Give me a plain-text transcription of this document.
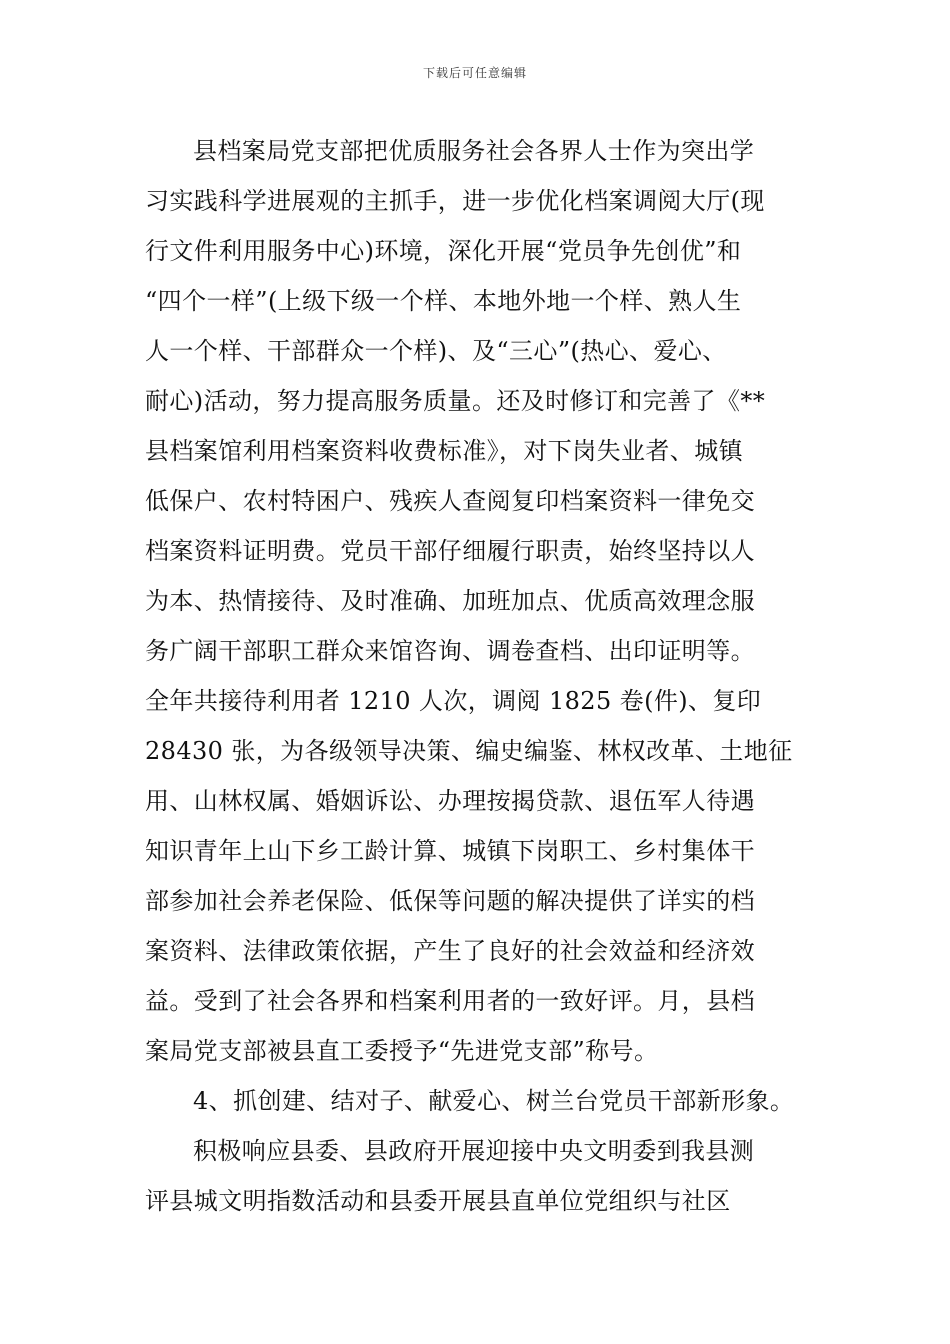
下载后可任意编辑
县档案局党支部把优质服务社会各界人士作为突出学
习实践科学进展观的主抓手，进一步优化档案调阅大厅(现
行文件利用服务中心)环境，深化开展“党员争先创优”和
“四个一样”(上级下级一个样、本地外地一个样、熟人生
人一个样、干部群众一个样)、及“三心”(热心、爱心、
耐心)活动，努力提高服务质量。还及时修订和完善了《**
县档案馆利用档案资料收费标准》，对下岗失业者、城镇
低保户、农村特困户、残疾人查阅复印档案资料一律免交
档案资料证明费。党员干部仔细履行职责，始终坚持以人
为本、热情接待、及时准确、加班加点、优质高效理念服
务广阔干部职工群众来馆咨询、调卷查档、出印证明等。
全年共接待利用者 1210 人次，调阅 1825 卷(件)、复印
28430 张，为各级领导决策、编史编鉴、林权改革、土地征
用、山林权属、婚姻诉讼、办理按揭贷款、退伍军人待遇
知识青年上山下乡工龄计算、城镇下岗职工、乡村集体干
部参加社会养老保险、低保等问题的解决提供了详实的档
案资料、法律政策依据，产生了良好的社会效益和经济效
益。受到了社会各界和档案利用者的一致好评。月，县档
案局党支部被县直工委授予“先进党支部”称号。
4、抓创建、结对子、献爱心、树兰台党员干部新形象。
积极响应县委、县政府开展迎接中央文明委到我县测
评县城文明指数活动和县委开展县直单位党组织与社区
